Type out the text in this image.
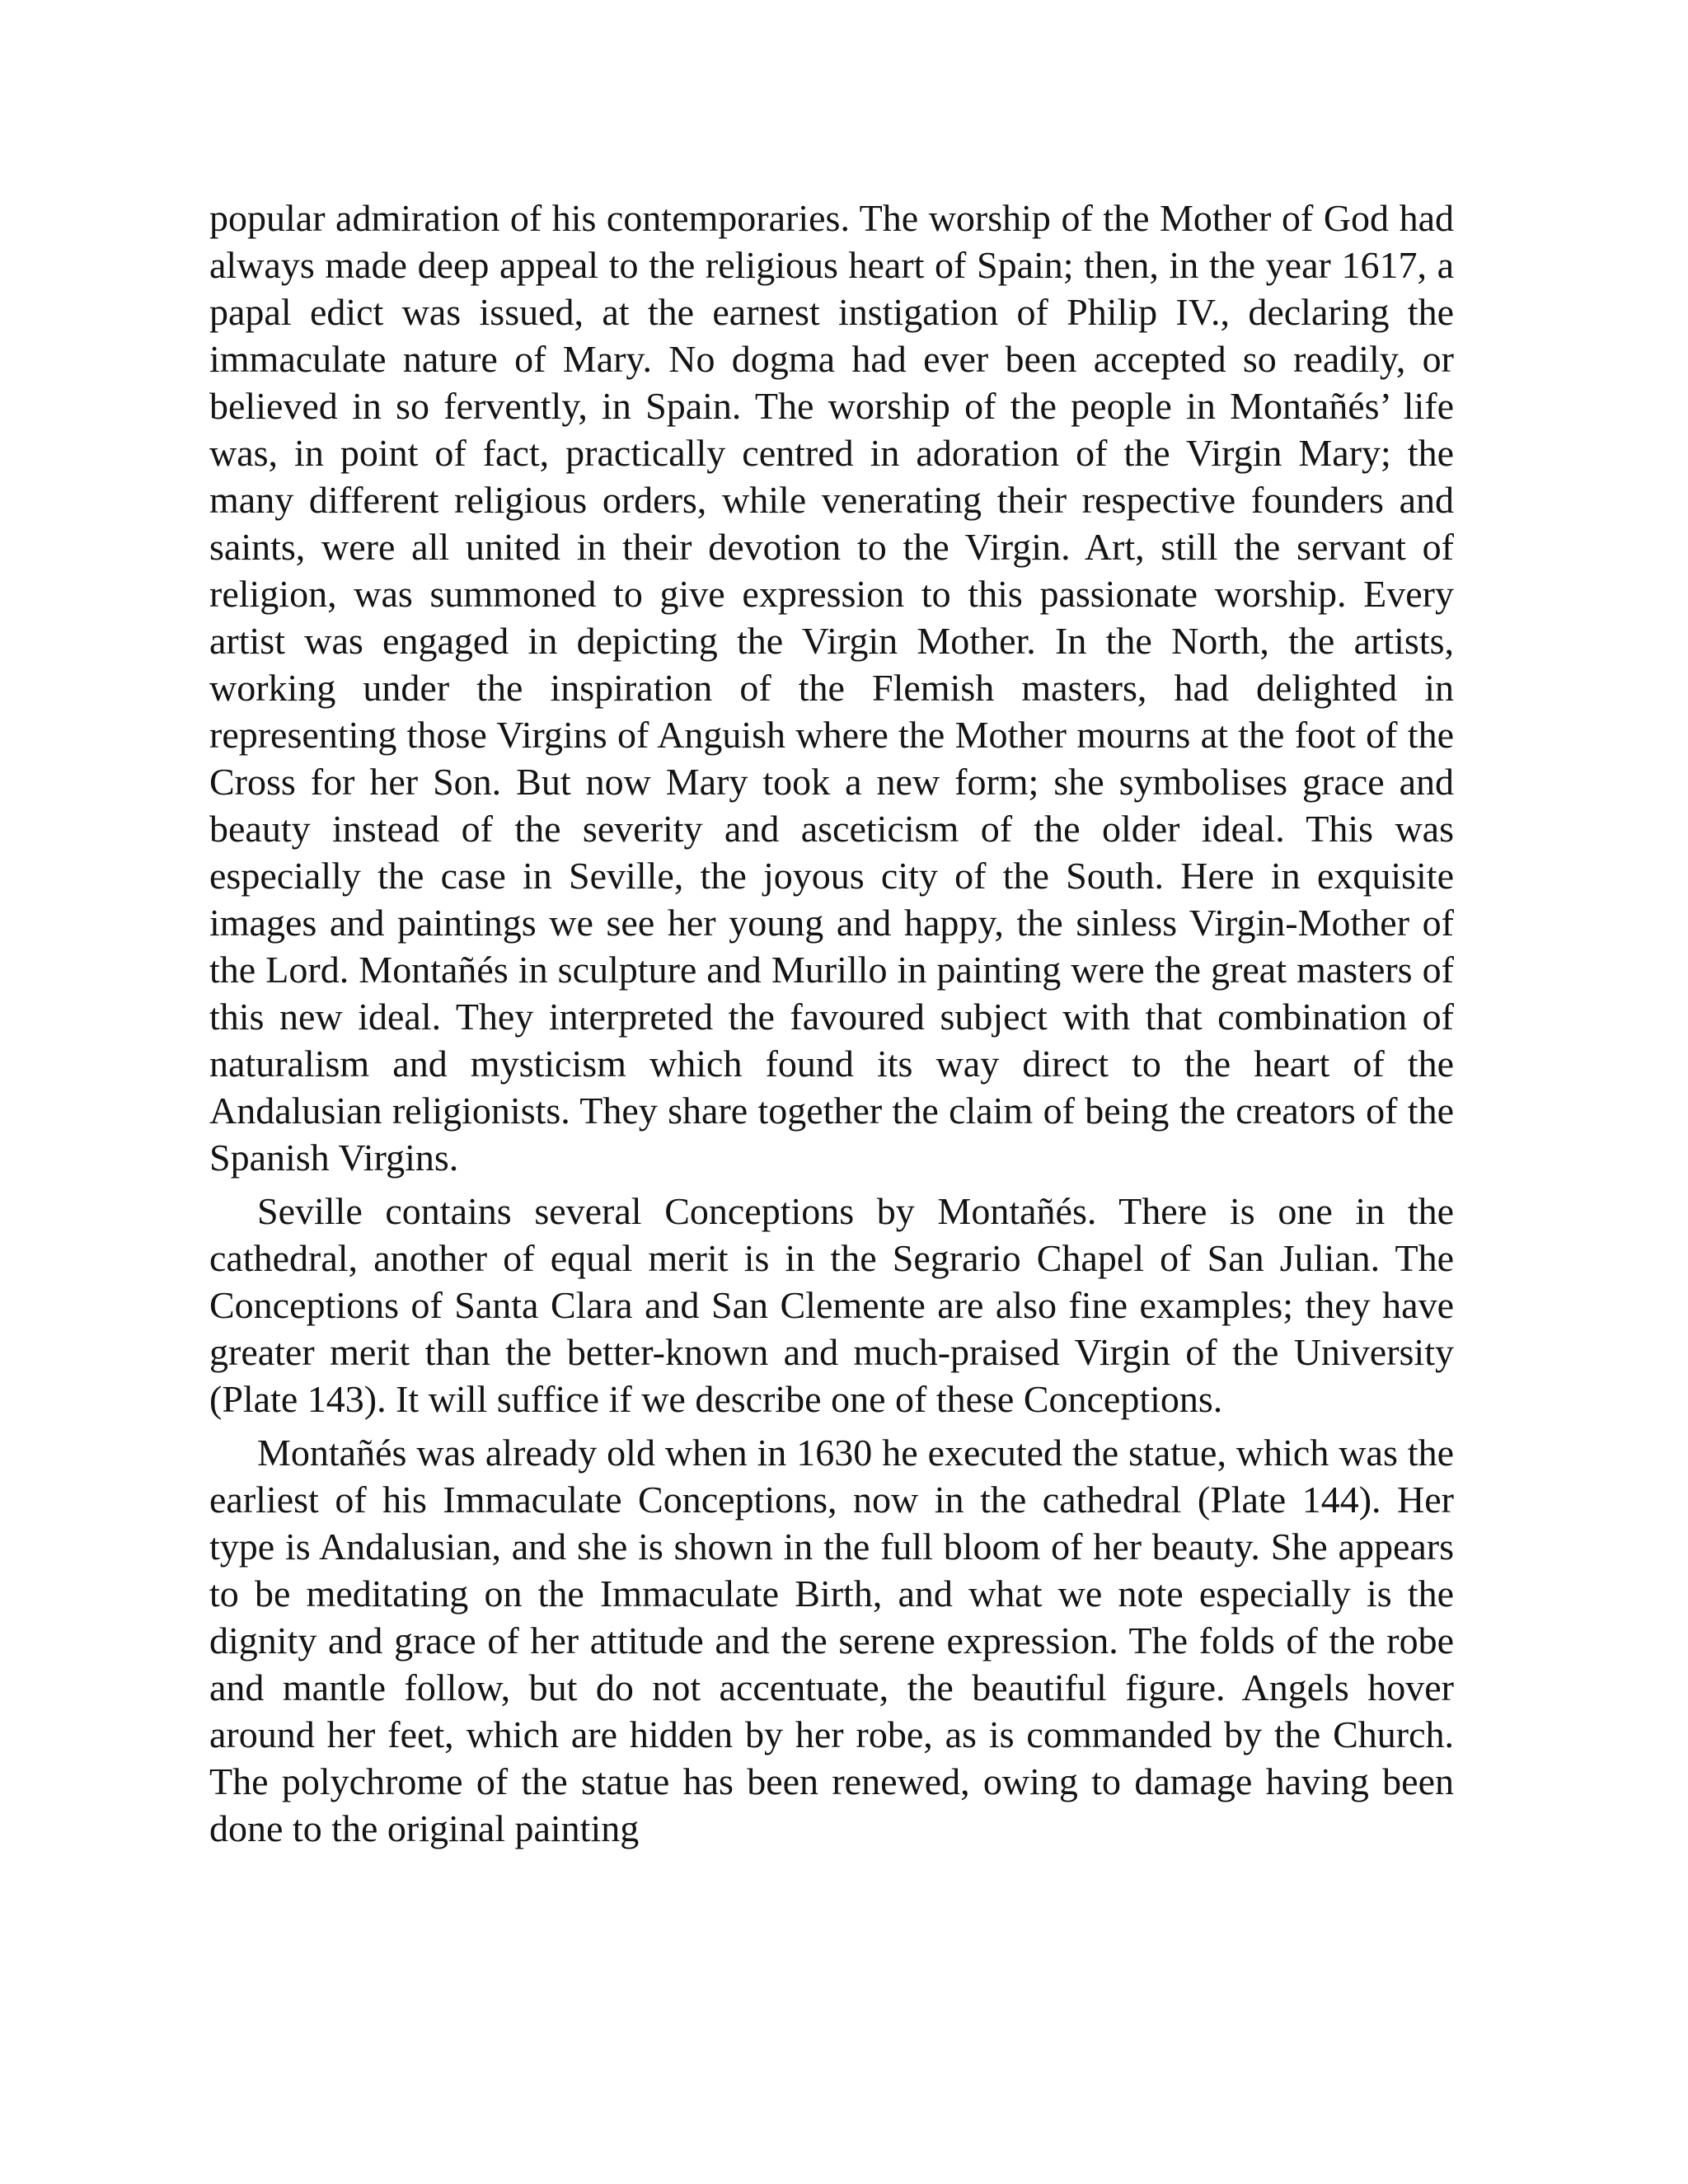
popular admiration of his contemporaries. The worship of the Mother of God had always made deep appeal to the religious heart of Spain; then, in the year 1617, a papal edict was issued, at the earnest instigation of Philip IV., declaring the immaculate nature of Mary. No dogma had ever been accepted so readily, or believed in so fervently, in Spain. The worship of the people in Montañés’ life was, in point of fact, practically centred in adoration of the Virgin Mary; the many different religious orders, while venerating their respective founders and saints, were all united in their devotion to the Virgin. Art, still the servant of religion, was summoned to give expression to this passionate worship. Every artist was engaged in depicting the Virgin Mother. In the North, the artists, working under the inspiration of the Flemish masters, had delighted in representing those Virgins of Anguish where the Mother mourns at the foot of the Cross for her Son. But now Mary took a new form; she symbolises grace and beauty instead of the severity and asceticism of the older ideal. This was especially the case in Seville, the joyous city of the South. Here in exquisite images and paintings we see her young and happy, the sinless Virgin-Mother of the Lord. Montañés in sculpture and Murillo in painting were the great masters of this new ideal. They interpreted the favoured subject with that combination of naturalism and mysticism which found its way direct to the heart of the Andalusian religionists. They share together the claim of being the creators of the Spanish Virgins.

Seville contains several Conceptions by Montañés. There is one in the cathedral, another of equal merit is in the Segrario Chapel of San Julian. The Conceptions of Santa Clara and San Clemente are also fine examples; they have greater merit than the better-known and much-praised Virgin of the University (Plate 143). It will suffice if we describe one of these Conceptions.

Montañés was already old when in 1630 he executed the statue, which was the earliest of his Immaculate Conceptions, now in the cathedral (Plate 144). Her type is Andalusian, and she is shown in the full bloom of her beauty. She appears to be meditating on the Immaculate Birth, and what we note especially is the dignity and grace of her attitude and the serene expression. The folds of the robe and mantle follow, but do not accentuate, the beautiful figure. Angels hover around her feet, which are hidden by her robe, as is commanded by the Church. The polychrome of the statue has been renewed, owing to damage having been done to the original painting
